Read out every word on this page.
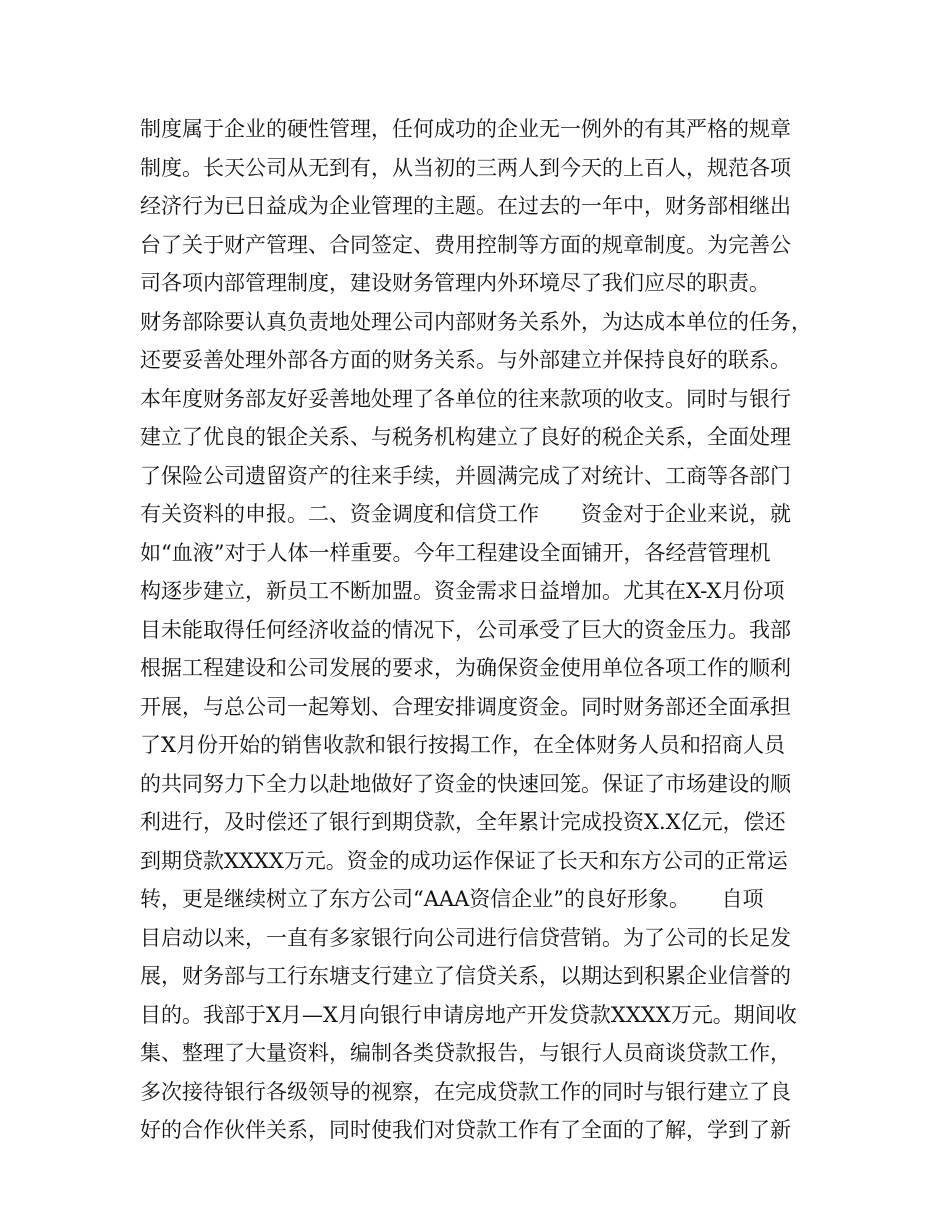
制度属于企业的硬性管理，任何成功的企业无一例外的有其严格的规章
制度。长天公司从无到有，从当初的三两人到今天的上百人，规范各项
经济行为已日益成为企业管理的主题。在过去的一年中，财务部相继出
台了关于财产管理、合同签定、费用控制等方面的规章制度。为完善公
司各项内部管理制度，建设财务管理内外环境尽了我们应尽的职责。
财务部除要认真负责地处理公司内部财务关系外，为达成本单位的任务，
还要妥善处理外部各方面的财务关系。与外部建立并保持良好的联系。
本年度财务部友好妥善地处理了各单位的往来款项的收支。同时与银行
建立了优良的银企关系、与税务机构建立了良好的税企关系，全面处理
了保险公司遗留资产的往来手续，并圆满完成了对统计、工商等各部门
有关资料的申报。二、资金调度和信贷工作　　资金对于企业来说，就
如“血液”对于人体一样重要。今年工程建设全面铺开，各经营管理机
构逐步建立，新员工不断加盟。资金需求日益增加。尤其在X-X月份项
目未能取得任何经济收益的情况下，公司承受了巨大的资金压力。我部
根据工程建设和公司发展的要求，为确保资金使用单位各项工作的顺利
开展，与总公司一起筹划、合理安排调度资金。同时财务部还全面承担
了X月份开始的销售收款和银行按揭工作，在全体财务人员和招商人员
的共同努力下全力以赴地做好了资金的快速回笼。保证了市场建设的顺
利进行，及时偿还了银行到期贷款，全年累计完成投资X.X亿元，偿还
到期贷款XXXX万元。资金的成功运作保证了长天和东方公司的正常运
转，更是继续树立了东方公司“AAA资信企业”的良好形象。　　自项
目启动以来，一直有多家银行向公司进行信贷营销。为了公司的长足发
展，财务部与工行东塘支行建立了信贷关系，以期达到积累企业信誉的
目的。我部于X月—X月向银行申请房地产开发贷款XXXX万元。期间收
集、整理了大量资料，编制各类贷款报告，与银行人员商谈贷款工作，
多次接待银行各级领导的视察，在完成贷款工作的同时与银行建立了良
好的合作伙伴关系，同时使我们对贷款工作有了全面的了解，学到了新
